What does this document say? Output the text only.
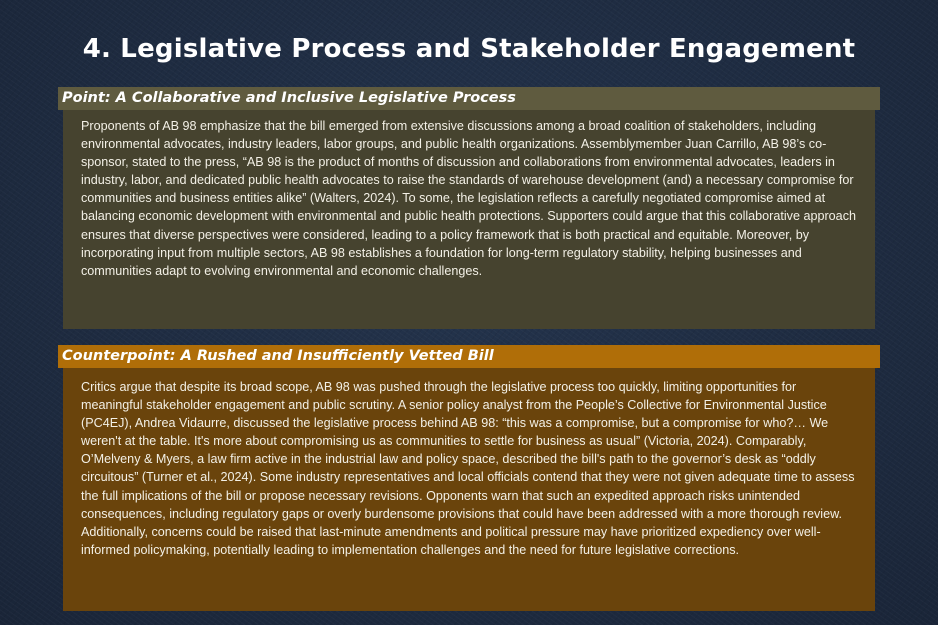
4. Legislative Process and Stakeholder Engagement
Point: A Collaborative and Inclusive Legislative Process

Proponents of AB 98 emphasize that the bill emerged from extensive discussions among a broad coalition of stakeholders, including environmental advocates, industry leaders, labor groups, and public health organizations. Assemblymember Juan Carrillo, AB 98’s co-sponsor, stated to the press, “AB 98 is the product of months of discussion and collaborations from environmental advocates, leaders in industry, labor, and dedicated public health advocates to raise the standards of warehouse development (and) a necessary compromise for communities and business entities alike” (Walters, 2024). To some, the legislation reflects a carefully negotiated compromise aimed at balancing economic development with environmental and public health protections. Supporters could argue that this collaborative approach ensures that diverse perspectives were considered, leading to a policy framework that is both practical and equitable. Moreover, by incorporating input from multiple sectors, AB 98 establishes a foundation for long-term regulatory stability, helping businesses and communities adapt to evolving environmental and economic challenges.

Counterpoint: A Rushed and Insufficiently Vetted Bill

Critics argue that despite its broad scope, AB 98 was pushed through the legislative process too quickly, limiting opportunities for meaningful stakeholder engagement and public scrutiny. A senior policy analyst from the People’s Collective for Environmental Justice (PC4EJ), Andrea Vidaurre, discussed the legislative process behind AB 98: “this was a compromise, but a compromise for who?… We weren't at the table. It's more about compromising us as communities to settle for business as usual” (Victoria, 2024). Comparably, O’Melveny & Myers, a law firm active in the industrial law and policy space, described the bill's path to the governor’s desk as “oddly circuitous” (Turner et al., 2024). Some industry representatives and local officials contend that they were not given adequate time to assess the full implications of the bill or propose necessary revisions. Opponents warn that such an expedited approach risks unintended consequences, including regulatory gaps or overly burdensome provisions that could have been addressed with a more thorough review. Additionally, concerns could be raised that last-minute amendments and political pressure may have prioritized expediency over well-informed policymaking, potentially leading to implementation challenges and the need for future legislative corrections.
